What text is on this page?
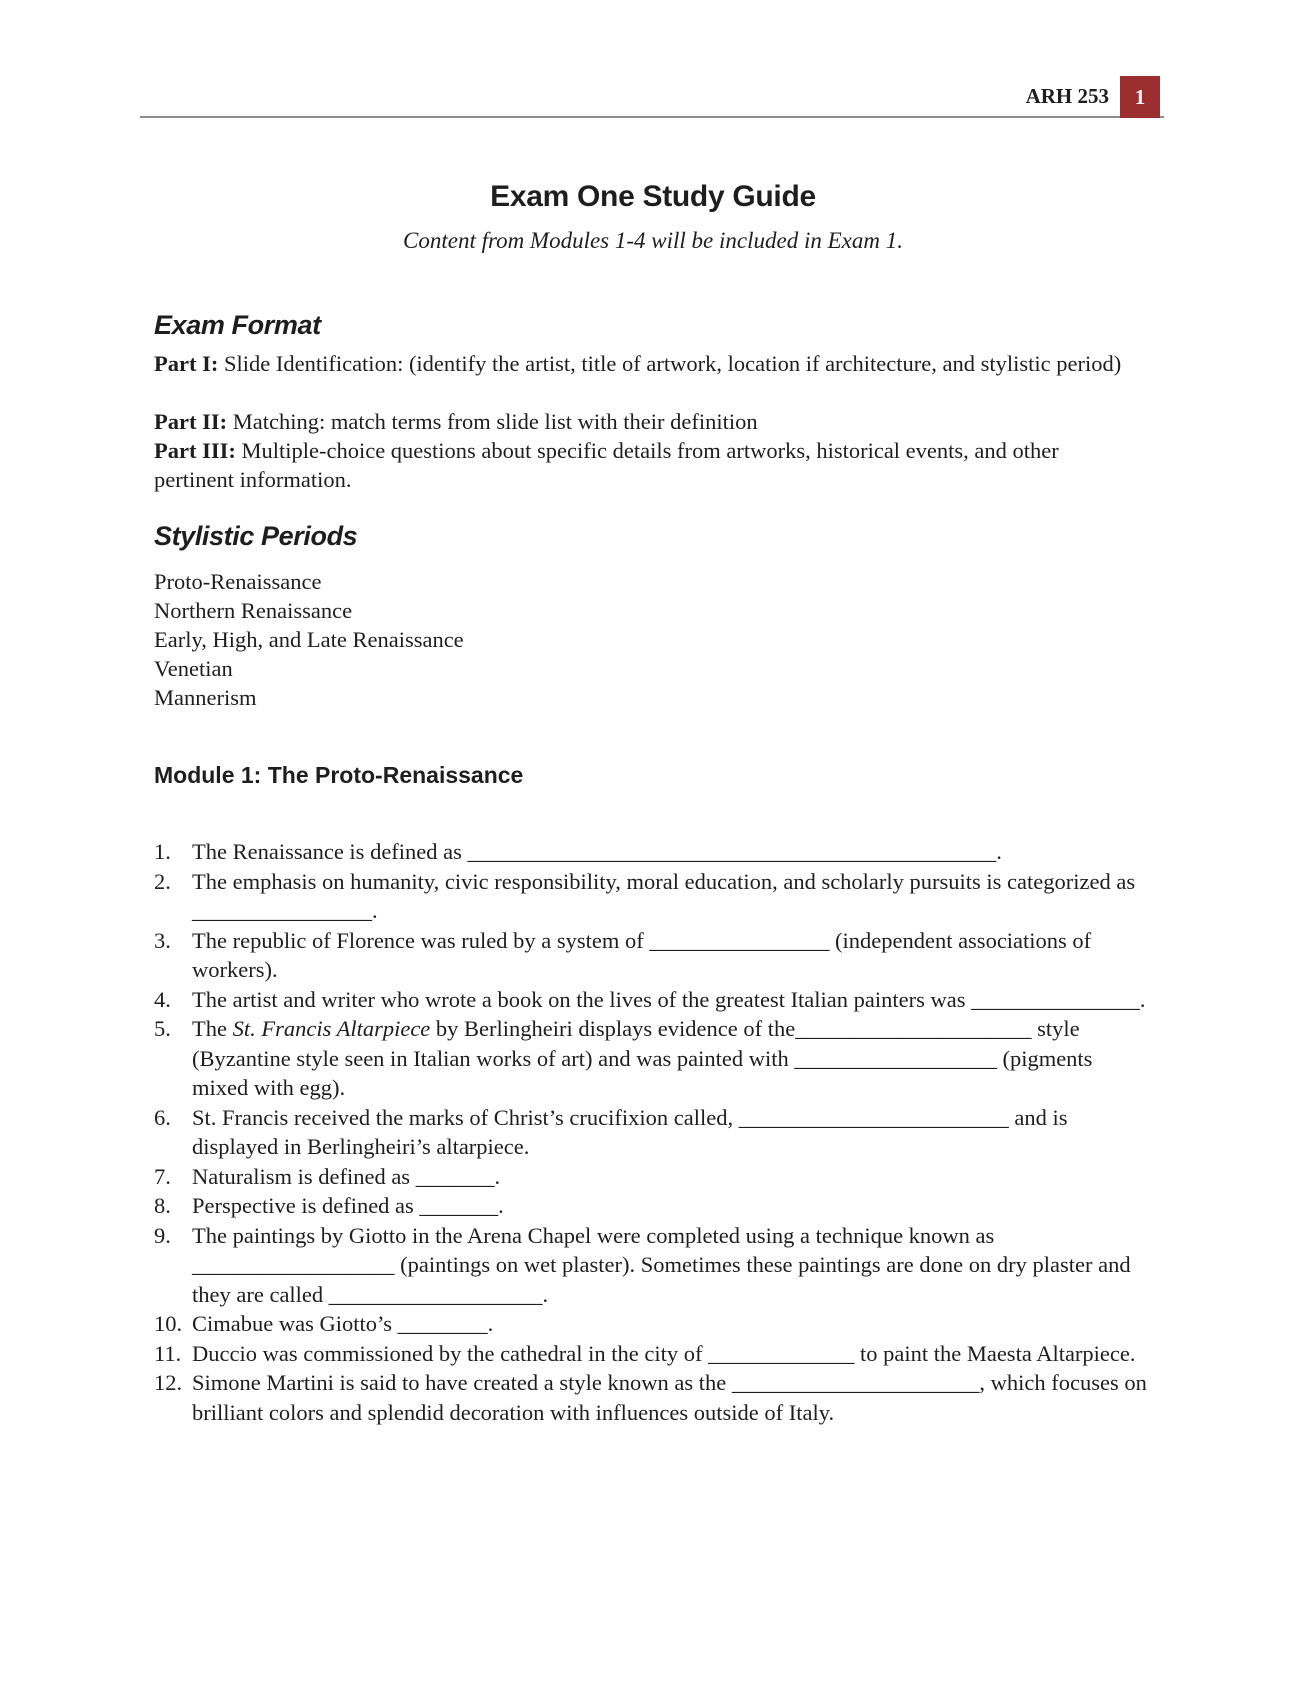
ARH 253	1
Exam One Study Guide
Content from Modules 1-4 will be included in Exam 1.
Exam Format
Part I: Slide Identification: (identify the artist, title of artwork, location if architecture, and stylistic period)
Part II: Matching: match terms from slide list with their definition
Part III: Multiple-choice questions about specific details from artworks, historical events, and other pertinent information.
Stylistic Periods
Proto-Renaissance
Northern Renaissance
Early, High, and Late Renaissance
Venetian
Mannerism
Module 1: The Proto-Renaissance
1. The Renaissance is defined as _______________________________________________.
2. The emphasis on humanity, civic responsibility, moral education, and scholarly pursuits is categorized as ________________.
3. The republic of Florence was ruled by a system of ________________ (independent associations of workers).
4. The artist and writer who wrote a book on the lives of the greatest Italian painters was _______________.
5. The St. Francis Altarpiece by Berlingheiri displays evidence of the_____________________ style (Byzantine style seen in Italian works of art) and was painted with __________________ (pigments mixed with egg).
6. St. Francis received the marks of Christ’s crucifixion called, ________________________ and is displayed in Berlingheiri’s altarpiece.
7. Naturalism is defined as _______.
8. Perspective is defined as _______.
9. The paintings by Giotto in the Arena Chapel were completed using a technique known as __________________ (paintings on wet plaster). Sometimes these paintings are done on dry plaster and they are called ___________________.
10. Cimabue was Giotto’s ________.
11. Duccio was commissioned by the cathedral in the city of _____________ to paint the Maesta Altarpiece.
12. Simone Martini is said to have created a style known as the ______________________, which focuses on brilliant colors and splendid decoration with influences outside of Italy.
